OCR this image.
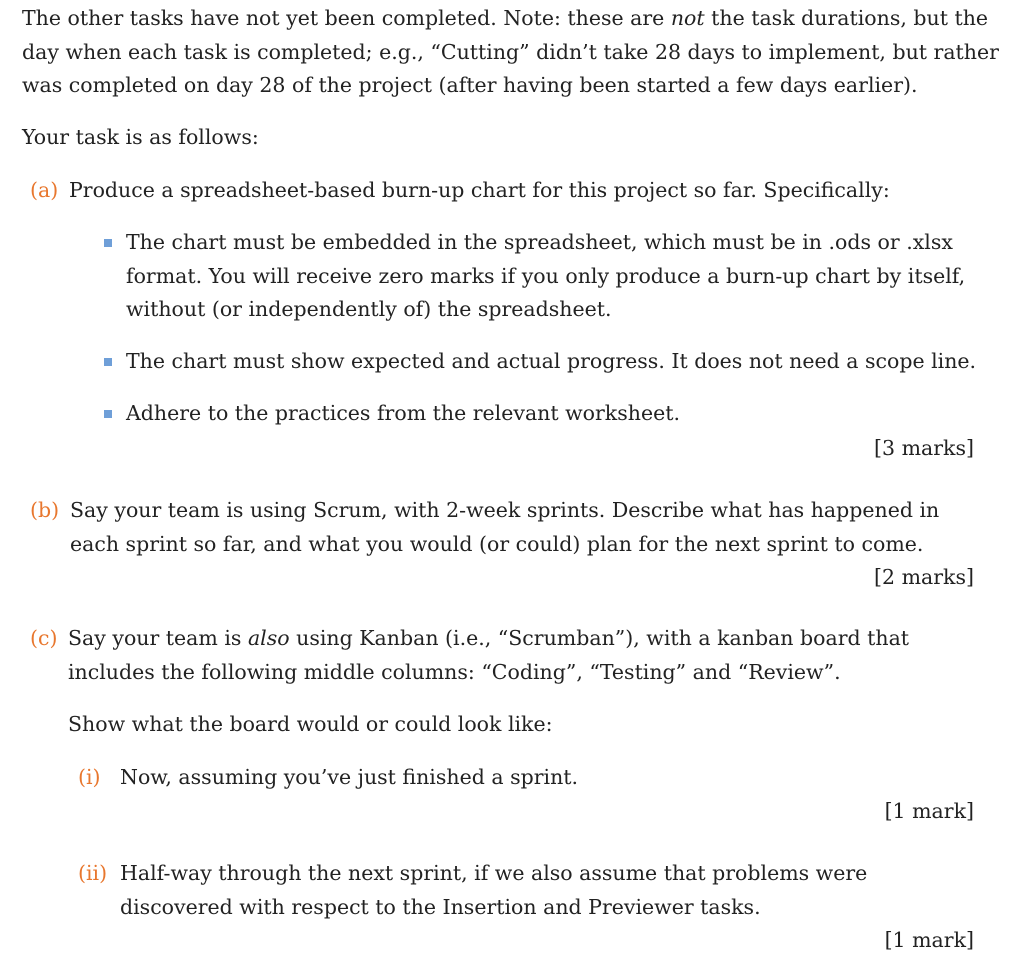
The other tasks have not yet been completed. Note: these are not the task durations, but the day when each task is completed; e.g., “Cutting” didn’t take 28 days to implement, but rather was completed on day 28 of the project (after having been started a few days earlier).
Your task is as follows:
(a) Produce a spreadsheet-based burn-up chart for this project so far. Specifically:
The chart must be embedded in the spreadsheet, which must be in .ods or .xlsx format. You will receive zero marks if you only produce a burn-up chart by itself, without (or independently of) the spreadsheet.
The chart must show expected and actual progress. It does not need a scope line.
Adhere to the practices from the relevant worksheet.
[3 marks]
(b) Say your team is using Scrum, with 2-week sprints. Describe what has happened in each sprint so far, and what you would (or could) plan for the next sprint to come.
[2 marks]
(c) Say your team is also using Kanban (i.e., “Scrumban”), with a kanban board that includes the following middle columns: “Coding”, “Testing” and “Review”.
Show what the board would or could look like:
(i) Now, assuming you’ve just finished a sprint.
[1 mark]
(ii) Half-way through the next sprint, if we also assume that problems were discovered with respect to the Insertion and Previewer tasks.
[1 mark]
